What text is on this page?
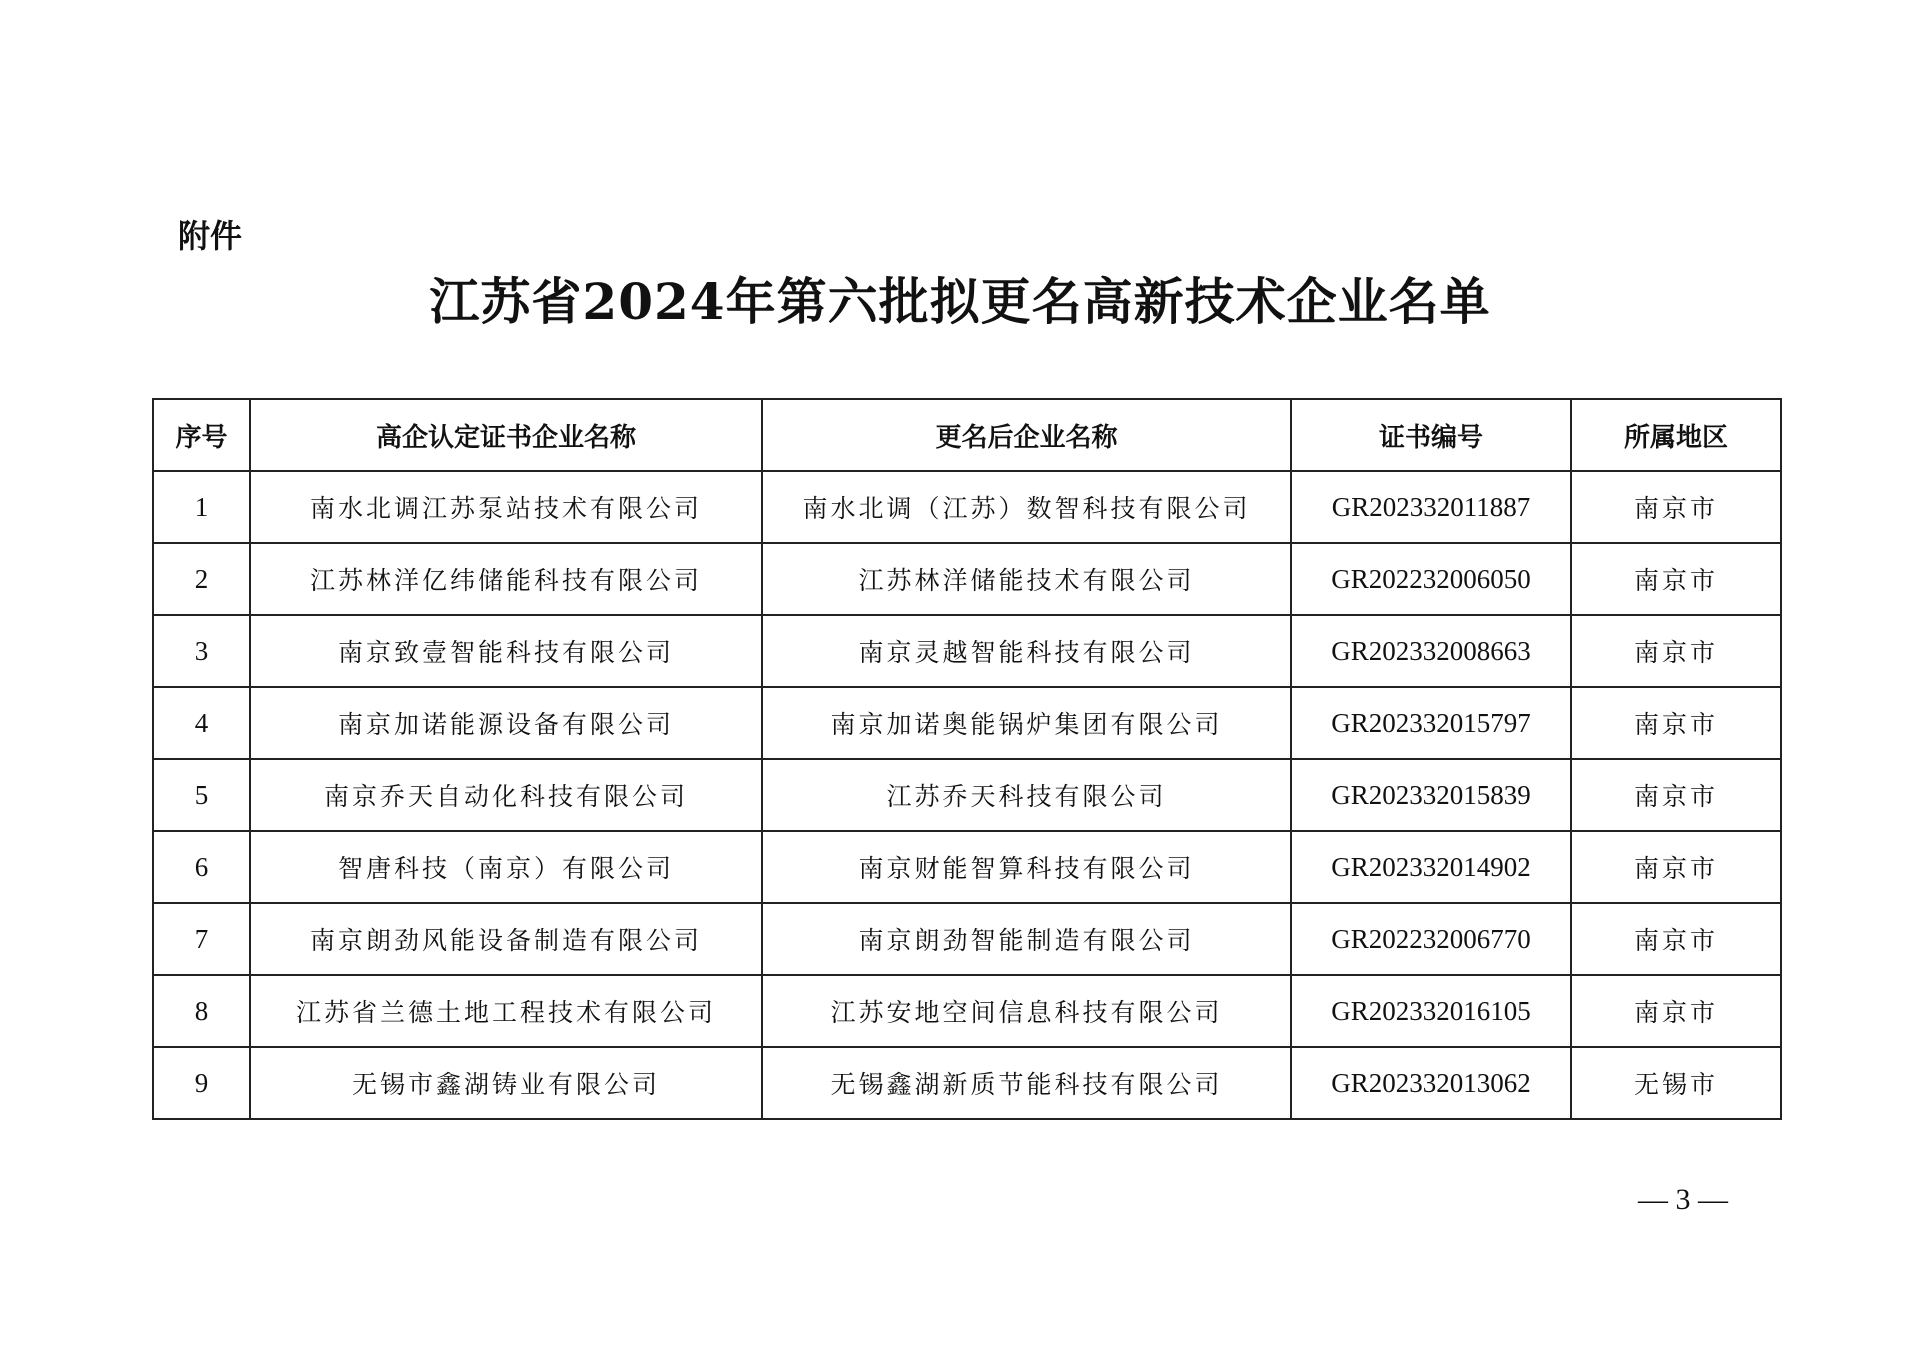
附件
江苏省2024年第六批拟更名高新技术企业名单
序号	高企认定证书企业名称	更名后企业名称	证书编号	所属地区
1	南水北调江苏泵站技术有限公司	南水北调（江苏）数智科技有限公司	GR202332011887	南京市
2	江苏林洋亿纬储能科技有限公司	江苏林洋储能技术有限公司	GR202232006050	南京市
3	南京致壹智能科技有限公司	南京灵越智能科技有限公司	GR202332008663	南京市
4	南京加诺能源设备有限公司	南京加诺奥能锅炉集团有限公司	GR202332015797	南京市
5	南京乔天自动化科技有限公司	江苏乔天科技有限公司	GR202332015839	南京市
6	智唐科技（南京）有限公司	南京财能智算科技有限公司	GR202332014902	南京市
7	南京朗劲风能设备制造有限公司	南京朗劲智能制造有限公司	GR202232006770	南京市
8	江苏省兰德土地工程技术有限公司	江苏安地空间信息科技有限公司	GR202332016105	南京市
9	无锡市鑫湖铸业有限公司	无锡鑫湖新质节能科技有限公司	GR202332013062	无锡市
— 3 —
